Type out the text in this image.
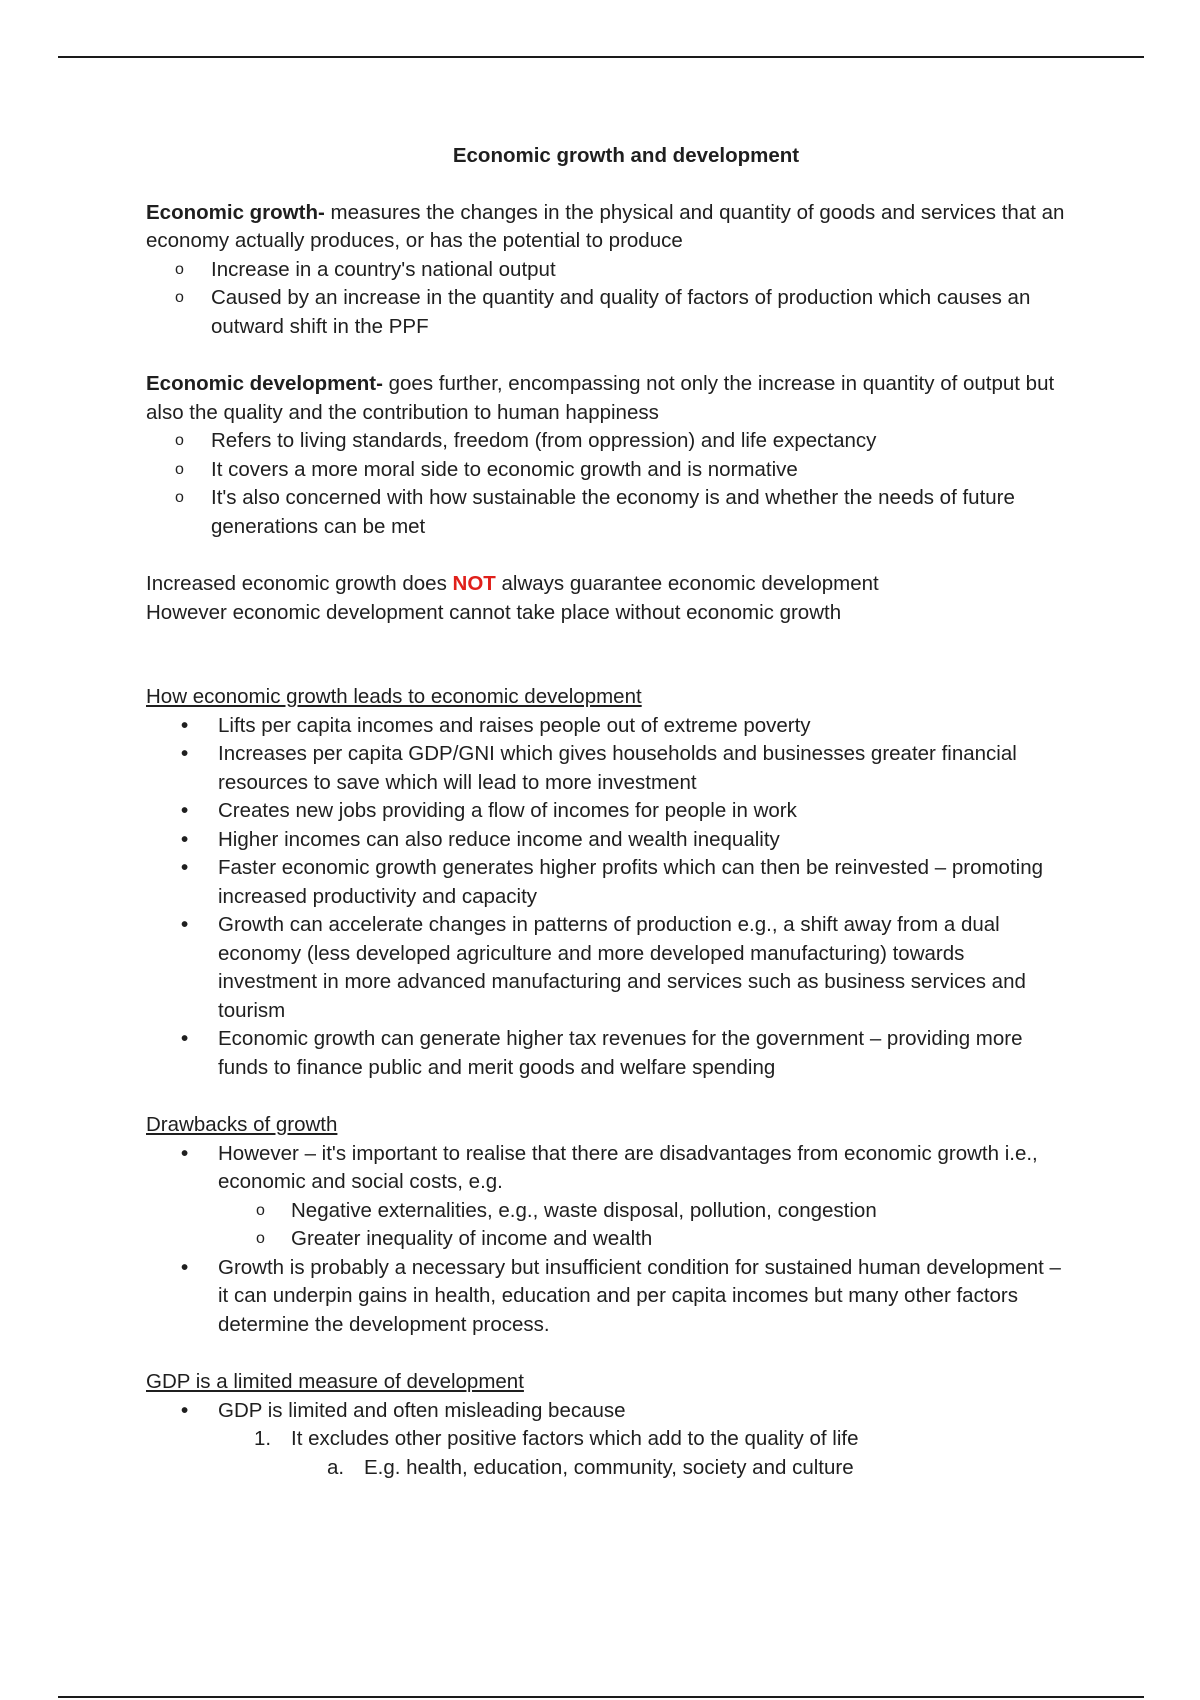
Economic growth and development

Economic growth- measures the changes in the physical and quantity of goods and services that an economy actually produces, or has the potential to produce

o Increase in a country's national output
o Caused by an increase in the quantity and quality of factors of production which causes an outward shift in the PPF

Economic development- goes further, encompassing not only the increase in quantity of output but also the quality and the contribution to human happiness

o Refers to living standards, freedom (from oppression) and life expectancy
o It covers a more moral side to economic growth and is normative
o It's also concerned with how sustainable the economy is and whether the needs of future generations can be met

Increased economic growth does NOT always guarantee economic development

However economic development cannot take place without economic growth

How economic growth leads to economic development

• Lifts per capita incomes and raises people out of extreme poverty
• Increases per capita GDP/GNI which gives households and businesses greater financial resources to save which will lead to more investment
• Creates new jobs providing a flow of incomes for people in work
• Higher incomes can also reduce income and wealth inequality
• Faster economic growth generates higher profits which can then be reinvested – promoting increased productivity and capacity
• Growth can accelerate changes in patterns of production e.g., a shift away from a dual economy (less developed agriculture and more developed manufacturing) towards investment in more advanced manufacturing and services such as business services and tourism
• Economic growth can generate higher tax revenues for the government – providing more funds to finance public and merit goods and welfare spending

Drawbacks of growth

• However – it's important to realise that there are disadvantages from economic growth i.e., economic and social costs, e.g.
o Negative externalities, e.g., waste disposal, pollution, congestion
o Greater inequality of income and wealth
• Growth is probably a necessary but insufficient condition for sustained human development – it can underpin gains in health, education and per capita incomes but many other factors determine the development process.

GDP is a limited measure of development

• GDP is limited and often misleading because
1. It excludes other positive factors which add to the quality of life
a. E.g. health, education, community, society and culture
